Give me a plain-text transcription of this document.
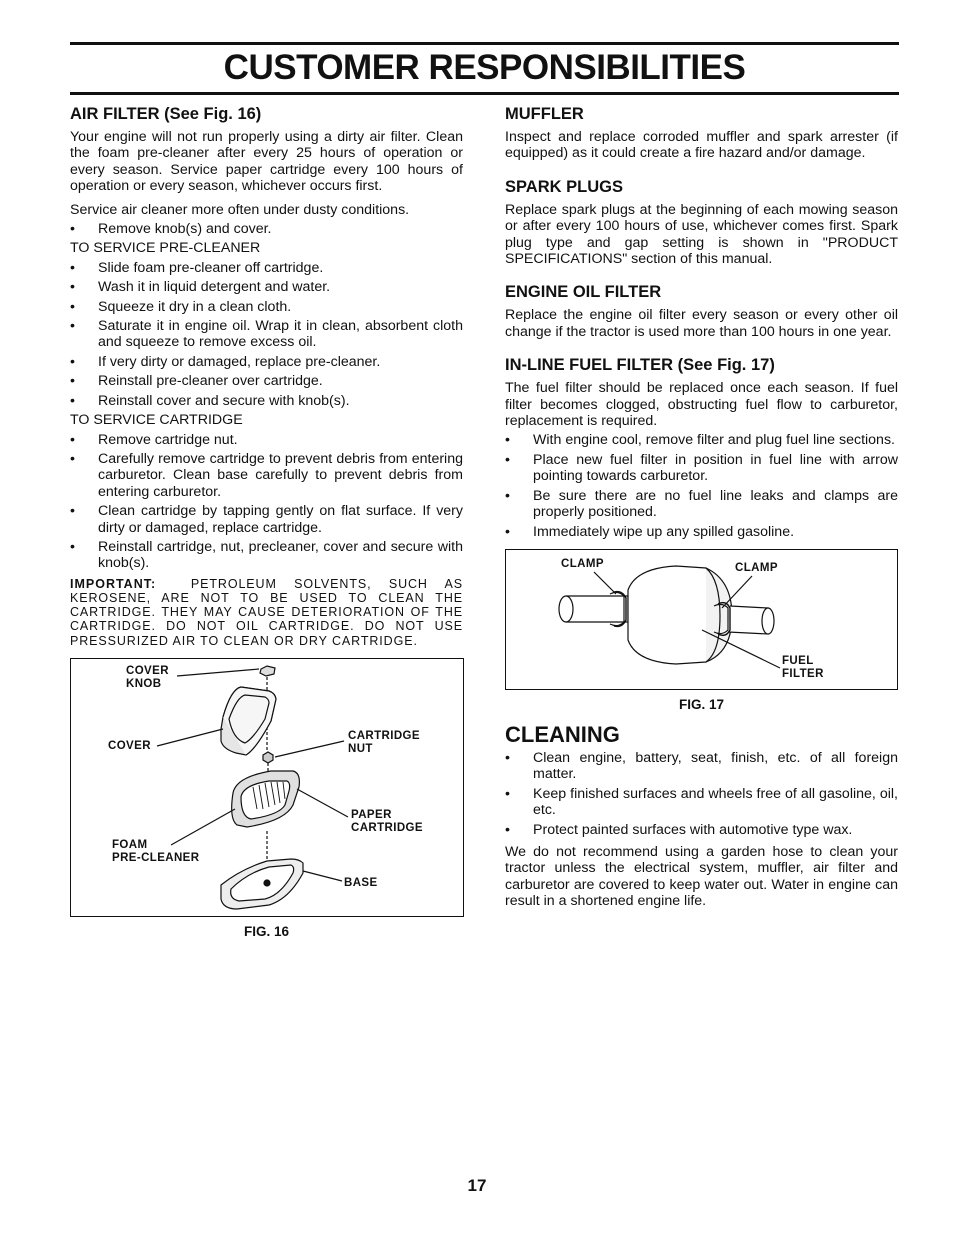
CUSTOMER RESPONSIBILITIES
AIR FILTER (See Fig. 16)

Your engine will not run properly using a dirty air filter. Clean the foam pre-cleaner after every 25 hours of operation or every season. Service paper cartridge every 100 hours of operation or every season, whichever occurs first.

Service air cleaner more often under dusty conditions.

• Remove knob(s) and cover.
TO SERVICE PRE-CLEANER
• Slide foam pre-cleaner off cartridge.
• Wash it in liquid detergent and water.
• Squeeze it dry in a clean cloth.
• Saturate it in engine oil. Wrap it in clean, absorbent cloth and squeeze to remove excess oil.
• If very dirty or damaged, replace pre-cleaner.
• Reinstall pre-cleaner over cartridge.
• Reinstall cover and secure with knob(s).
TO SERVICE CARTRIDGE
• Remove cartridge nut.
• Carefully remove cartridge to prevent debris from entering carburetor. Clean base carefully to prevent debris from entering carburetor.
• Clean cartridge by tapping gently on flat surface. If very dirty or damaged, replace cartridge.
• Reinstall cartridge, nut, precleaner, cover and secure with knob(s).

IMPORTANT:	PETROLEUM SOLVENTS, SUCH AS KEROSENE, ARE NOT TO BE USED TO CLEAN THE CARTRIDGE. THEY MAY CAUSE DETERIORATION OF THE CARTRIDGE. DO NOT OIL CARTRIDGE. DO NOT USE PRESSURIZED AIR TO CLEAN OR DRY CARTRIDGE.

COVER
KNOB
COVER
CARTRIDGE
NUT
PAPER
CARTRIDGE
FOAM
PRE-CLEANER
BASE
FIG. 16
MUFFLER

Inspect and replace corroded muffler and spark arrester (if equipped) as it could create a fire hazard and/or damage.

SPARK PLUGS

Replace spark plugs at the beginning of each mowing season or after every 100 hours of use, whichever comes first. Spark plug type and gap setting is shown in "PRODUCT SPECIFICATIONS" section of this manual.

ENGINE OIL FILTER

Replace the engine oil filter every season or every other oil change if the tractor is used more than 100 hours in one year.

IN-LINE FUEL FILTER (See Fig. 17)

The fuel filter should be replaced once each season. If fuel filter becomes clogged, obstructing fuel flow to carburetor, replacement is required.

• With engine cool, remove filter and plug fuel line sections.
• Place new fuel filter in position in fuel line with arrow pointing towards carburetor.
• Be sure there are no fuel line leaks and clamps are properly positioned.
• Immediately wipe up any spilled gasoline.
CLAMP	CLAMP
FUEL
FILTER
FIG. 17
CLEANING
• Clean engine, battery, seat, finish, etc. of all foreign matter.
• Keep finished surfaces and wheels free of all gasoline, oil, etc.
• Protect painted surfaces with automotive type wax.

We do not recommend using a garden hose to clean your tractor unless the electrical system, muffler, air filter and carburetor are covered to keep water out. Water in engine can result in a shortened engine life.

17
